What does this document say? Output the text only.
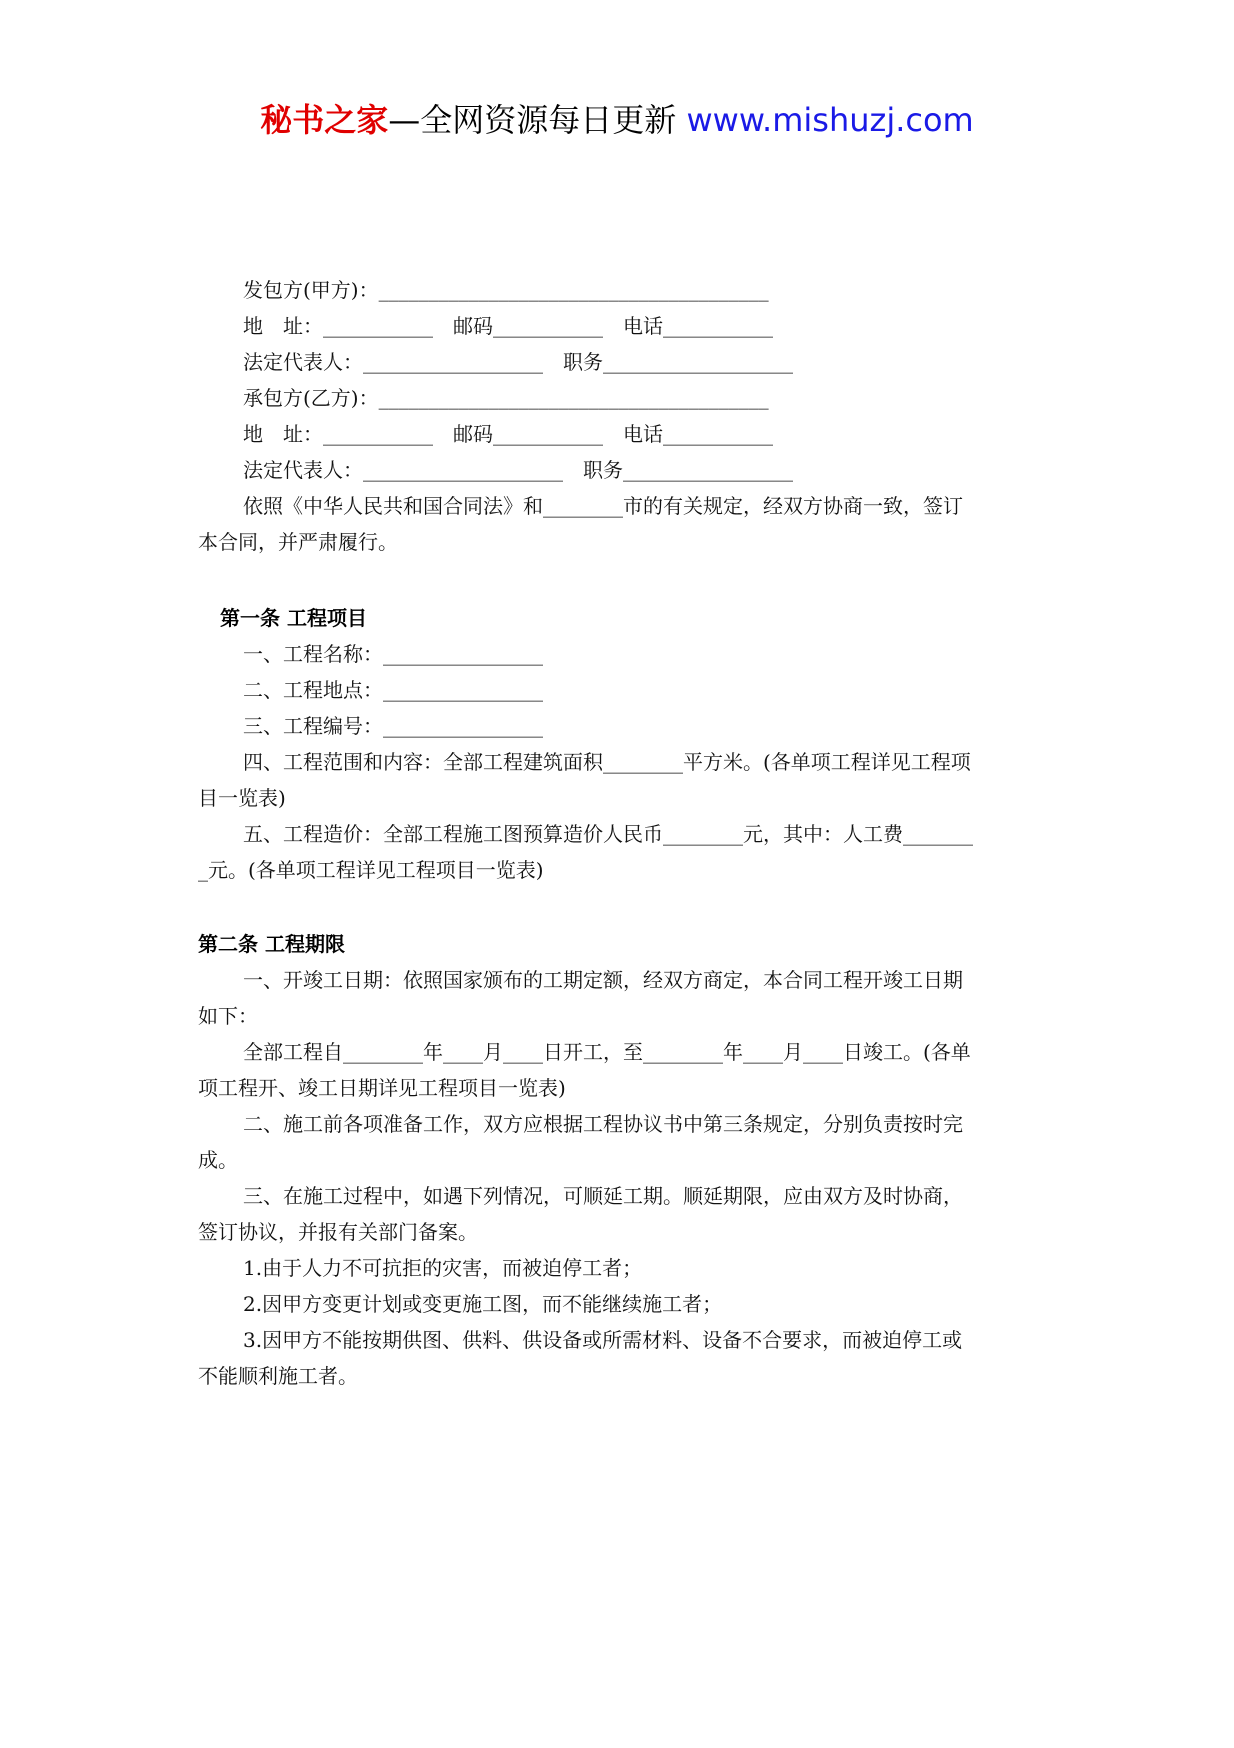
秘书之家—全网资源每日更新 www.mishuzj.com
发包方(甲方)：_______________________________________
地　址：___________　邮码___________　电话___________
法定代表人：__________________　职务___________________
承包方(乙方)：_______________________________________
地　址：___________　邮码___________　电话___________
法定代表人：____________________　职务_________________
依照《中华人民共和国合同法》和________市的有关规定，经双方协商一致，签订
本合同，并严肃履行。
第一条 工程项目
一、工程名称：________________
二、工程地点：________________
三、工程编号：________________
四、工程范围和内容：全部工程建筑面积________平方米。(各单项工程详见工程项
目一览表)
五、工程造价：全部工程施工图预算造价人民币________元，其中：人工费_______
_元。(各单项工程详见工程项目一览表)
第二条 工程期限
一、开竣工日期：依照国家颁布的工期定额，经双方商定，本合同工程开竣工日期
如下：
全部工程自________年____月____日开工，至________年____月____日竣工。(各单
项工程开、竣工日期详见工程项目一览表)
二、施工前各项准备工作，双方应根据工程协议书中第三条规定，分别负责按时完
成。
三、在施工过程中，如遇下列情况，可顺延工期。顺延期限，应由双方及时协商，
签订协议，并报有关部门备案。
1.由于人力不可抗拒的灾害，而被迫停工者；
2.因甲方变更计划或变更施工图，而不能继续施工者；
3.因甲方不能按期供图、供料、供设备或所需材料、设备不合要求，而被迫停工或
不能顺利施工者。
